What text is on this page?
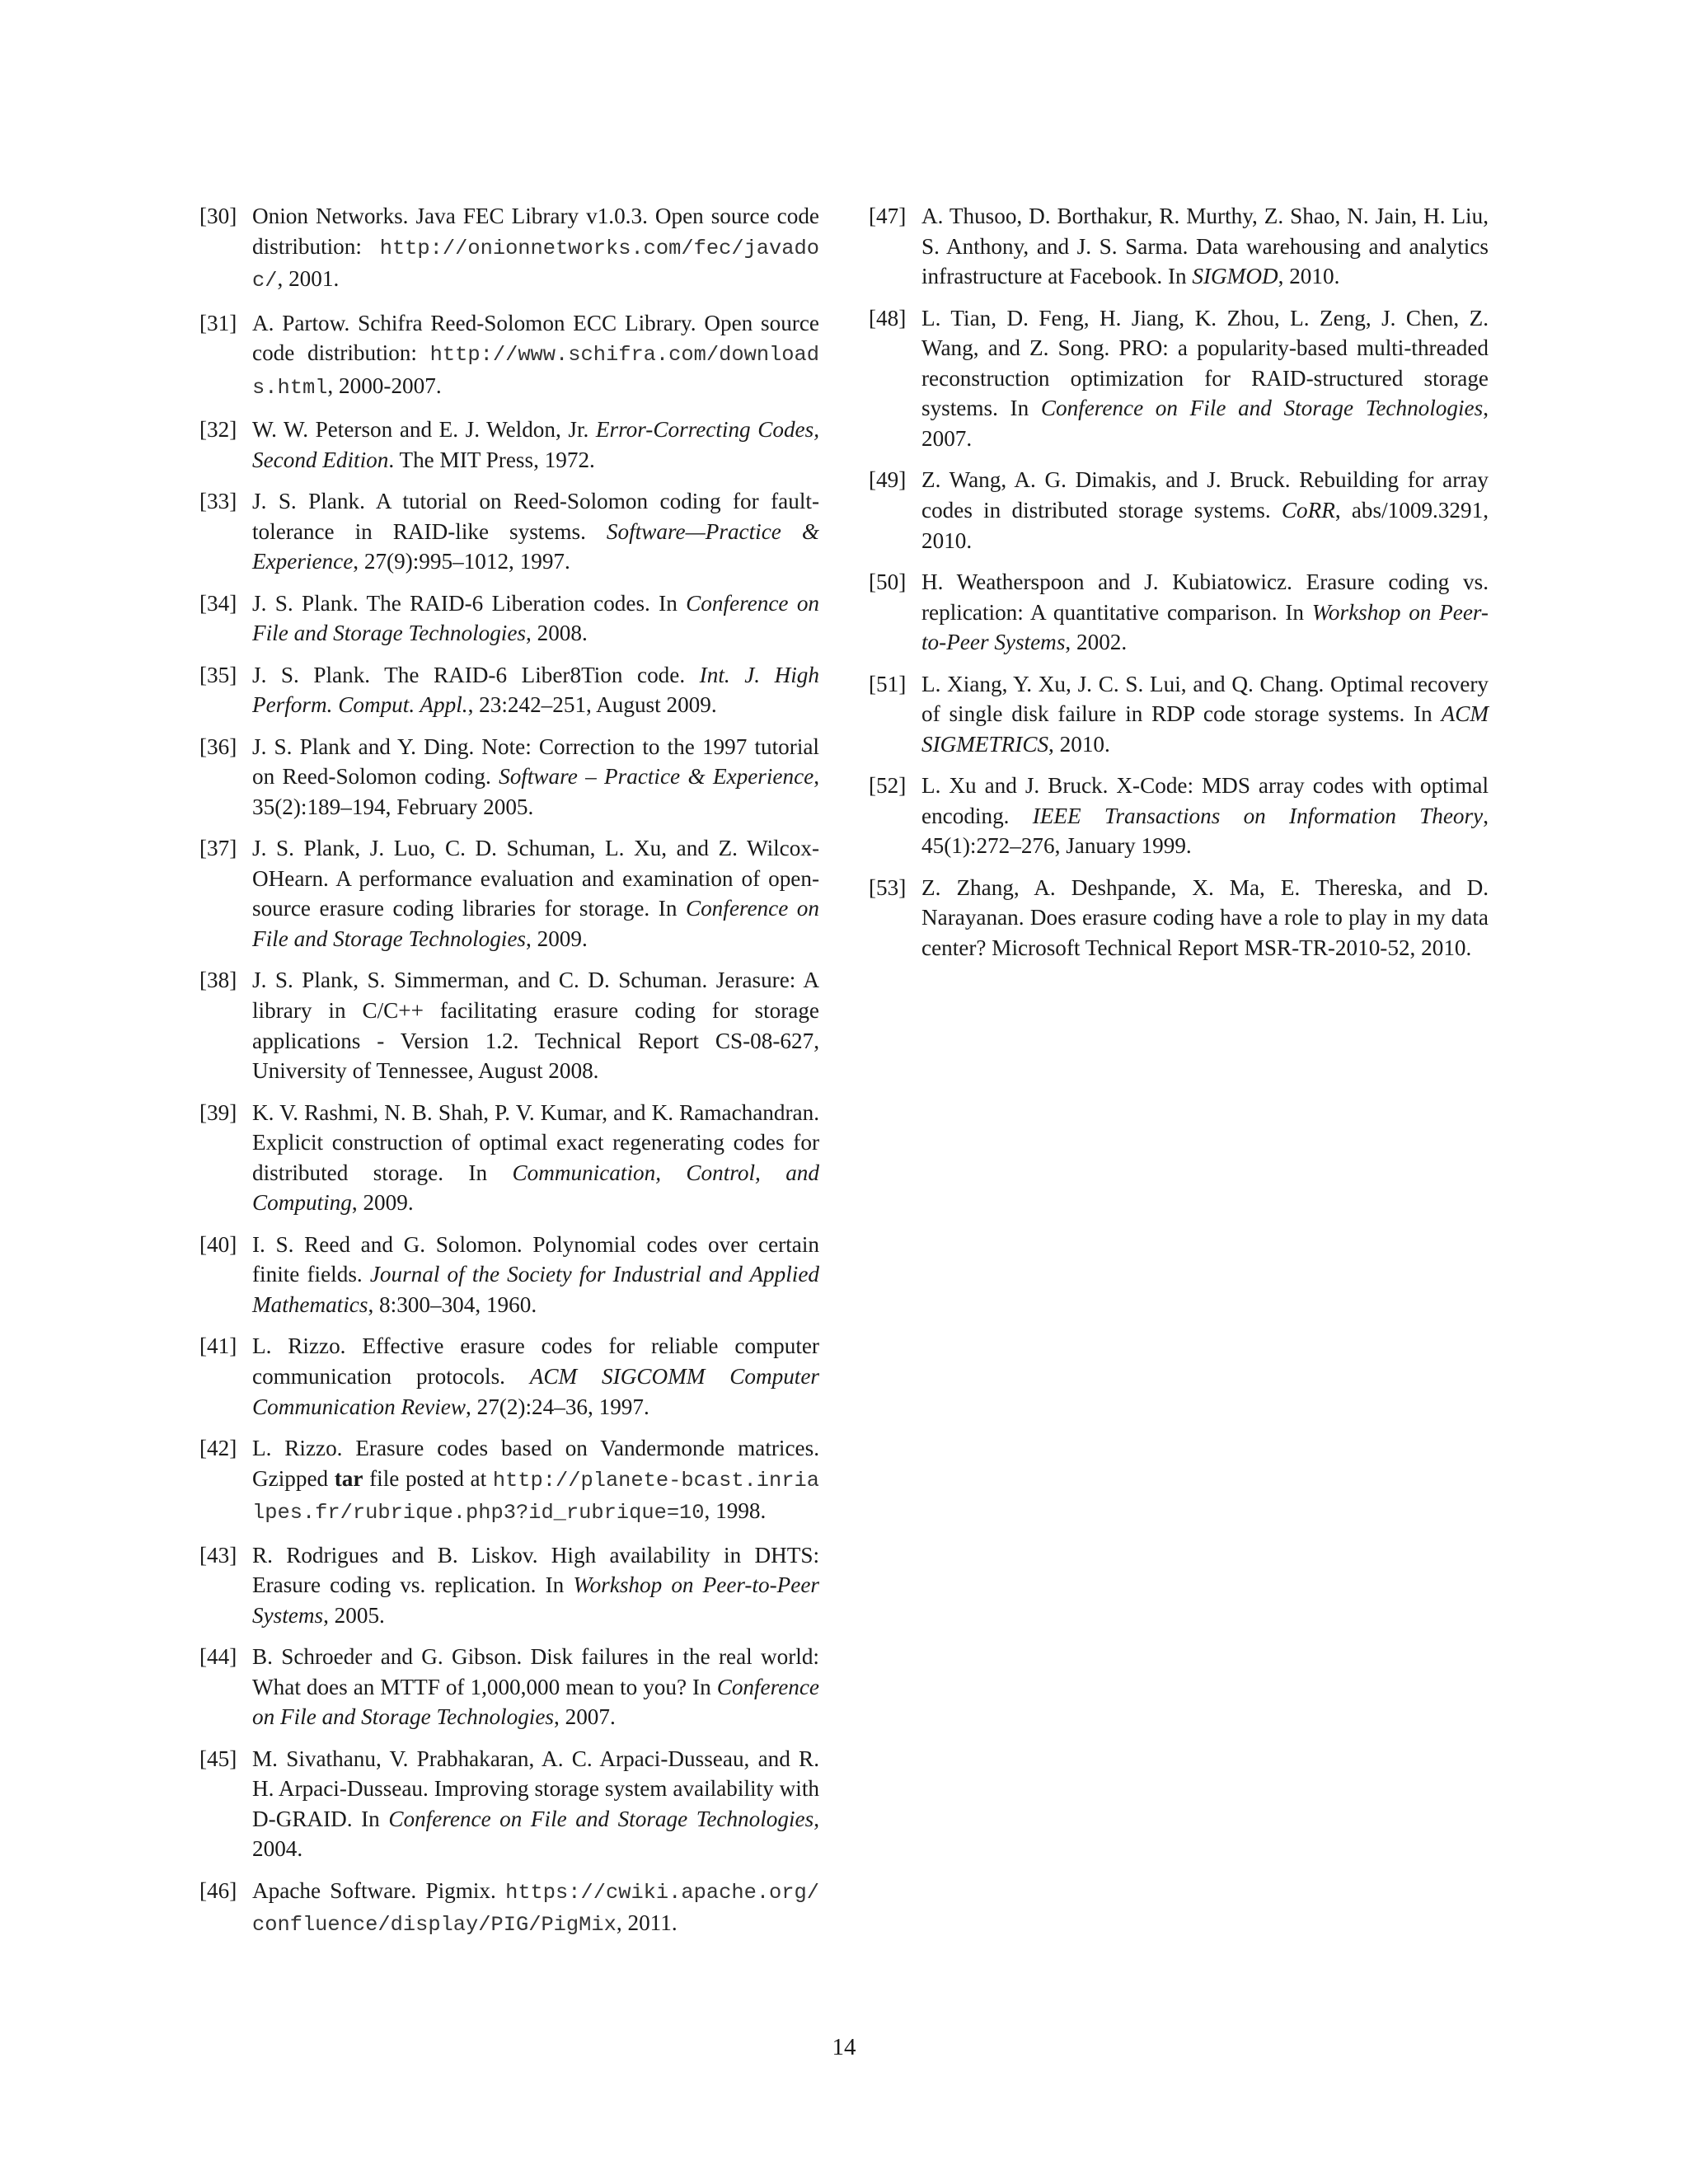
[30] Onion Networks. Java FEC Library v1.0.3. Open source code distribution: http://onionnetworks.com/fec/javadoc/, 2001.
[31] A. Partow. Schifra Reed-Solomon ECC Library. Open source code distribution: http://www.schifra.com/downloads.html, 2000-2007.
[32] W. W. Peterson and E. J. Weldon, Jr. Error-Correcting Codes, Second Edition. The MIT Press, 1972.
[33] J. S. Plank. A tutorial on Reed-Solomon coding for fault-tolerance in RAID-like systems. Software—Practice & Experience, 27(9):995–1012, 1997.
[34] J. S. Plank. The RAID-6 Liberation codes. In Conference on File and Storage Technologies, 2008.
[35] J. S. Plank. The RAID-6 Liber8Tion code. Int. J. High Perform. Comput. Appl., 23:242–251, August 2009.
[36] J. S. Plank and Y. Ding. Note: Correction to the 1997 tutorial on Reed-Solomon coding. Software – Practice & Experience, 35(2):189–194, February 2005.
[37] J. S. Plank, J. Luo, C. D. Schuman, L. Xu, and Z. Wilcox-OHearn. A performance evaluation and examination of open-source erasure coding libraries for storage. In Conference on File and Storage Technologies, 2009.
[38] J. S. Plank, S. Simmerman, and C. D. Schuman. Jerasure: A library in C/C++ facilitating erasure coding for storage applications - Version 1.2. Technical Report CS-08-627, University of Tennessee, August 2008.
[39] K. V. Rashmi, N. B. Shah, P. V. Kumar, and K. Ramachandran. Explicit construction of optimal exact regenerating codes for distributed storage. In Communication, Control, and Computing, 2009.
[40] I. S. Reed and G. Solomon. Polynomial codes over certain finite fields. Journal of the Society for Industrial and Applied Mathematics, 8:300–304, 1960.
[41] L. Rizzo. Effective erasure codes for reliable computer communication protocols. ACM SIGCOMM Computer Communication Review, 27(2):24–36, 1997.
[42] L. Rizzo. Erasure codes based on Vandermonde matrices. Gzipped tar file posted at http://planete-bcast.inrialpes.fr/rubrique.php3?id_rubrique=10, 1998.
[43] R. Rodrigues and B. Liskov. High availability in DHTS: Erasure coding vs. replication. In Workshop on Peer-to-Peer Systems, 2005.
[44] B. Schroeder and G. Gibson. Disk failures in the real world: What does an MTTF of 1,000,000 mean to you? In Conference on File and Storage Technologies, 2007.
[45] M. Sivathanu, V. Prabhakaran, A. C. Arpaci-Dusseau, and R. H. Arpaci-Dusseau. Improving storage system availability with D-GRAID. In Conference on File and Storage Technologies, 2004.
[46] Apache Software. Pigmix. https://cwiki.apache.org/confluence/display/PIG/PigMix, 2011.
[47] A. Thusoo, D. Borthakur, R. Murthy, Z. Shao, N. Jain, H. Liu, S. Anthony, and J. S. Sarma. Data warehousing and analytics infrastructure at Facebook. In SIGMOD, 2010.
[48] L. Tian, D. Feng, H. Jiang, K. Zhou, L. Zeng, J. Chen, Z. Wang, and Z. Song. PRO: a popularity-based multi-threaded reconstruction optimization for RAID-structured storage systems. In Conference on File and Storage Technologies, 2007.
[49] Z. Wang, A. G. Dimakis, and J. Bruck. Rebuilding for array codes in distributed storage systems. CoRR, abs/1009.3291, 2010.
[50] H. Weatherspoon and J. Kubiatowicz. Erasure coding vs. replication: A quantitative comparison. In Workshop on Peer-to-Peer Systems, 2002.
[51] L. Xiang, Y. Xu, J. C. S. Lui, and Q. Chang. Optimal recovery of single disk failure in RDP code storage systems. In ACM SIGMETRICS, 2010.
[52] L. Xu and J. Bruck. X-Code: MDS array codes with optimal encoding. IEEE Transactions on Information Theory, 45(1):272–276, January 1999.
[53] Z. Zhang, A. Deshpande, X. Ma, E. Thereska, and D. Narayanan. Does erasure coding have a role to play in my data center? Microsoft Technical Report MSR-TR-2010-52, 2010.
14
